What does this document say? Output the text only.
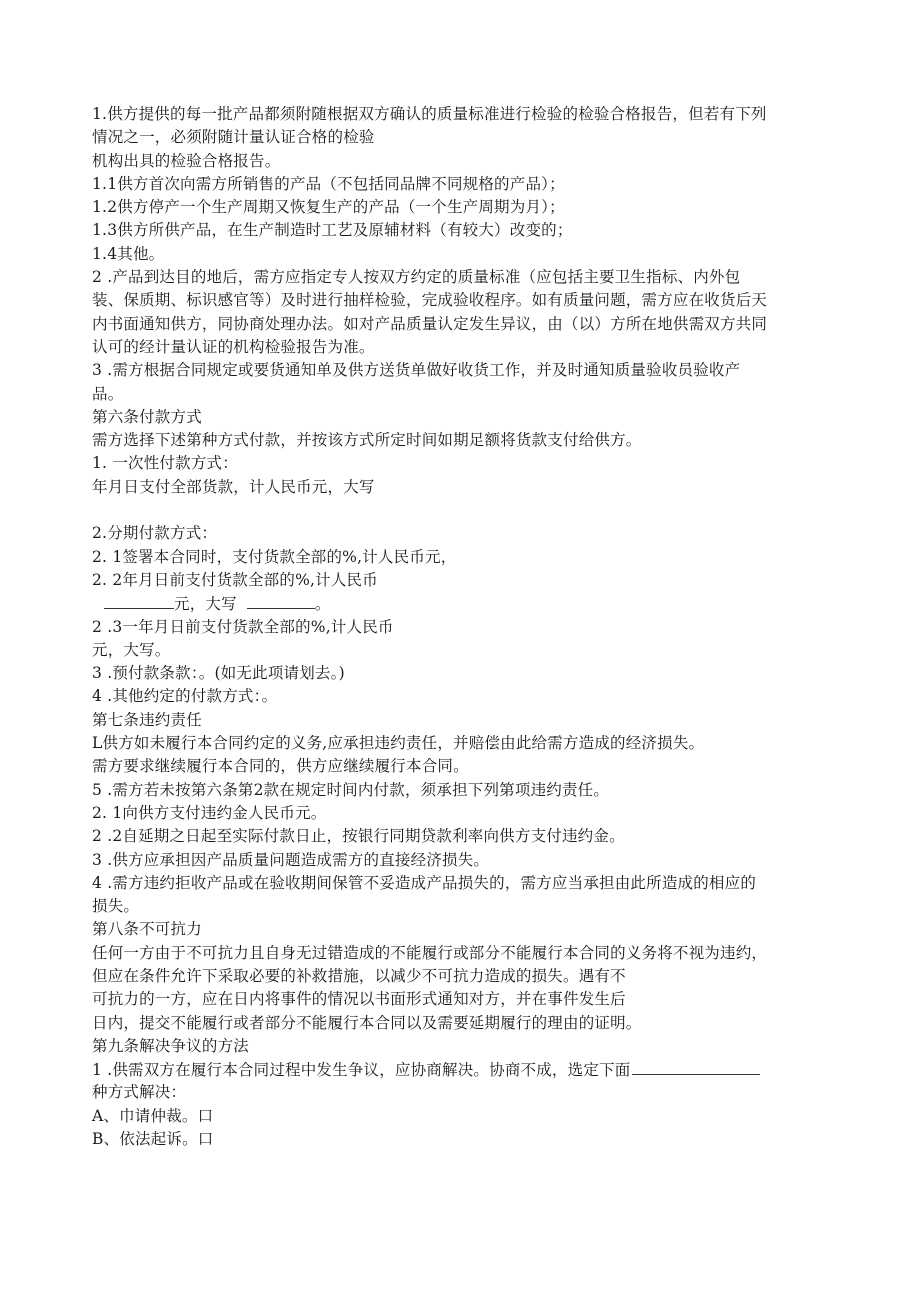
1.供方提供的每一批产品都须附随根据双方确认的质量标准进行检验的检验合格报告，但若有下列
情况之一，必须附随计量认证合格的检验
机构出具的检验合格报告。
1.1供方首次向需方所销售的产品（不包括同品牌不同规格的产品）；
1.2供方停产一个生产周期又恢复生产的产品（一个生产周期为月）；
1.3供方所供产品，在生产制造时工艺及原辅材料（有较大）改变的；
1.4其他。
2 .产品到达目的地后，需方应指定专人按双方约定的质量标准（应包括主要卫生指标、内外包
装、保质期、标识感官等）及时进行抽样检验，完成验收程序。如有质量问题，需方应在收货后天
内书面通知供方，同协商处理办法。如对产品质量认定发生异议，由（以）方所在地供需双方共同
认可的经计量认证的机构检验报告为准。
3 .需方根据合同规定或要货通知单及供方送货单做好收货工作，并及时通知质量验收员验收产
品。
第六条付款方式
需方选择下述第种方式付款，并按该方式所定时间如期足额将货款支付给供方。
1. 一次性付款方式：
年月日支付全部货款，计人民币元，大写
2.分期付款方式：
2. 1签署本合同时，支付货款全部的%,计人民币元，
2. 2年月日前支付货款全部的%,计人民币
元，大写	。
2 .3一年月日前支付货款全部的%,计人民币
元，大写。
3 .预付款条款：。(如无此项请划去。)
4 .其他约定的付款方式：。
第七条违约责任
L供方如未履行本合同约定的义务,应承担违约责任，并赔偿由此给需方造成的经济损失。
需方要求继续履行本合同的，供方应继续履行本合同。
5 .需方若未按第六条第2款在规定时间内付款，须承担下列第项违约责任。
2. 1向供方支付违约金人民币元。
2 .2自延期之日起至实际付款日止，按银行同期贷款利率向供方支付违约金。
3 .供方应承担因产品质量问题造成需方的直接经济损失。
4 .需方违约拒收产品或在验收期间保管不妥造成产品损失的，需方应当承担由此所造成的相应的
损失。
第八条不可抗力
任何一方由于不可抗力且自身无过错造成的不能履行或部分不能履行本合同的义务将不视为违约，
但应在条件允许下采取必要的补救措施，以减少不可抗力造成的损失。遇有不
可抗力的一方，应在日内将事件的情况以书面形式通知对方，并在事件发生后
日内，提交不能履行或者部分不能履行本合同以及需要延期履行的理由的证明。
第九条解决争议的方法
1 .供需双方在履行本合同过程中发生争议，应协商解决。协商不成，选定下面
种方式解决：
A、巾请仲裁。口
B、依法起诉。口
